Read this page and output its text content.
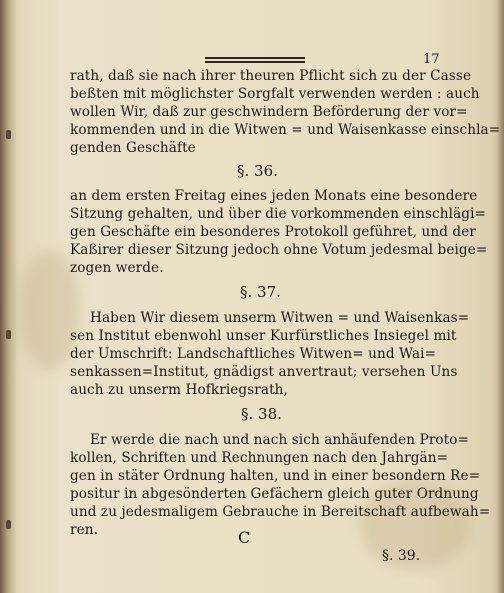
17
rath, daß sie nach ihrer theuren Pflicht sich zu der Casse
beßten mit möglichster Sorgfalt verwenden werden : auch
wollen Wir, daß zur geschwindern Beförderung der vor=
kommenden und in die Witwen = und Waisenkasse einschla=
genden Geschäfte
§. 36.
an dem ersten Freitag eines jeden Monats eine besondere
Sitzung gehalten, und über die vorkommenden einschlägi=
gen Geschäfte ein besonderes Protokoll geführet, und der
Kaßirer dieser Sitzung jedoch ohne Votum jedesmal beige=
zogen werde.
§. 37.
Haben Wir diesem unserm Witwen = und Waisenkas=
sen Institut ebenwohl unser Kurfürstliches Insiegel mit
der Umschrift: Landschaftliches Witwen= und Wai=
senkassen=Institut, gnädigst anvertraut; versehen Uns
auch zu unserm Hofkriegsrath,
§. 38.
Er werde die nach und nach sich anhäufenden Proto=
kollen, Schriften und Rechnungen nach den Jahrgän=
gen in stäter Ordnung halten, und in einer besondern Re=
positur in abgesönderten Gefächern gleich guter Ordnung
und zu jedesmaligem Gebrauche in Bereitschaft aufbewah=
ren.	C
§. 39.
